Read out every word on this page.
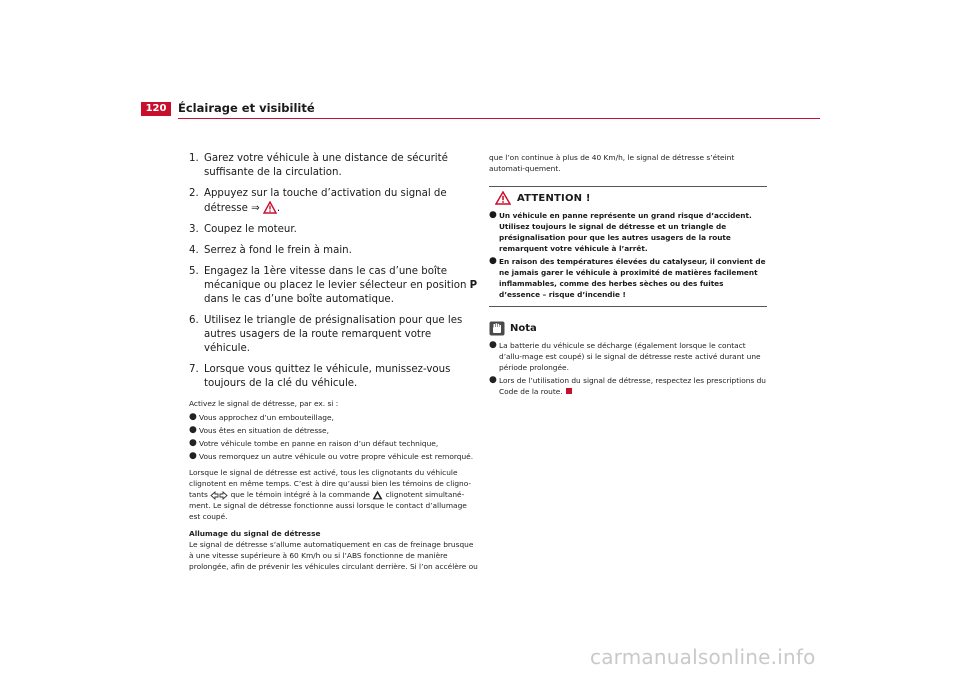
120	Éclairage et visibilité
1. Garez votre véhicule à une distance de sécurité suffisante de la circulation.
2. Appuyez sur la touche d’activation du signal de détresse ⇒ .
3. Coupez le moteur.
4. Serrez à fond le frein à main.
5. Engagez la 1ère vitesse dans le cas d’une boîte mécanique ou placez le levier sélecteur en position P dans le cas d’une boîte automatique.
6. Utilisez le triangle de présignalisation pour que les autres usagers de la route remarquent votre véhicule.
7. Lorsque vous quittez le véhicule, munissez-vous toujours de la clé du véhicule.
Activez le signal de détresse, par ex. si :
● Vous approchez d’un embouteillage,
● Vous êtes en situation de détresse,
● Votre véhicule tombe en panne en raison d’un défaut technique,
● Vous remorquez un autre véhicule ou votre propre véhicule est remorqué.
Lorsque le signal de détresse est activé, tous les clignotants du véhicule clignotent en même temps. C’est à dire qu’aussi bien les témoins de cligno-tants  que le témoin intégré à la commande  clignotent simultané-ment. Le signal de détresse fonctionne aussi lorsque le contact d’allumage est coupé.
Allumage du signal de détresse
Le signal de détresse s’allume automatiquement en cas de freinage brusque à une vitesse supérieure à 60 Km/h ou si l’ABS fonctionne de manière prolongée, afin de prévenir les véhicules circulant derrière. Si l’on accélère ou
que l’on continue à plus de 40 Km/h, le signal de détresse s’éteint automati-quement.
ATTENTION !
● Un véhicule en panne représente un grand risque d’accident. Utilisez toujours le signal de détresse et un triangle de présignalisation pour que les autres usagers de la route remarquent votre véhicule à l’arrêt.
● En raison des températures élevées du catalyseur, il convient de ne jamais garer le véhicule à proximité de matières facilement inflammables, comme des herbes sèches ou des fuites d’essence – risque d’incendie !
Nota
● La batterie du véhicule se décharge (également lorsque le contact d’allu-mage est coupé) si le signal de détresse reste activé durant une période prolongée.
● Lors de l’utilisation du signal de détresse, respectez les prescriptions du Code de la route.
carmanualsonline.info
